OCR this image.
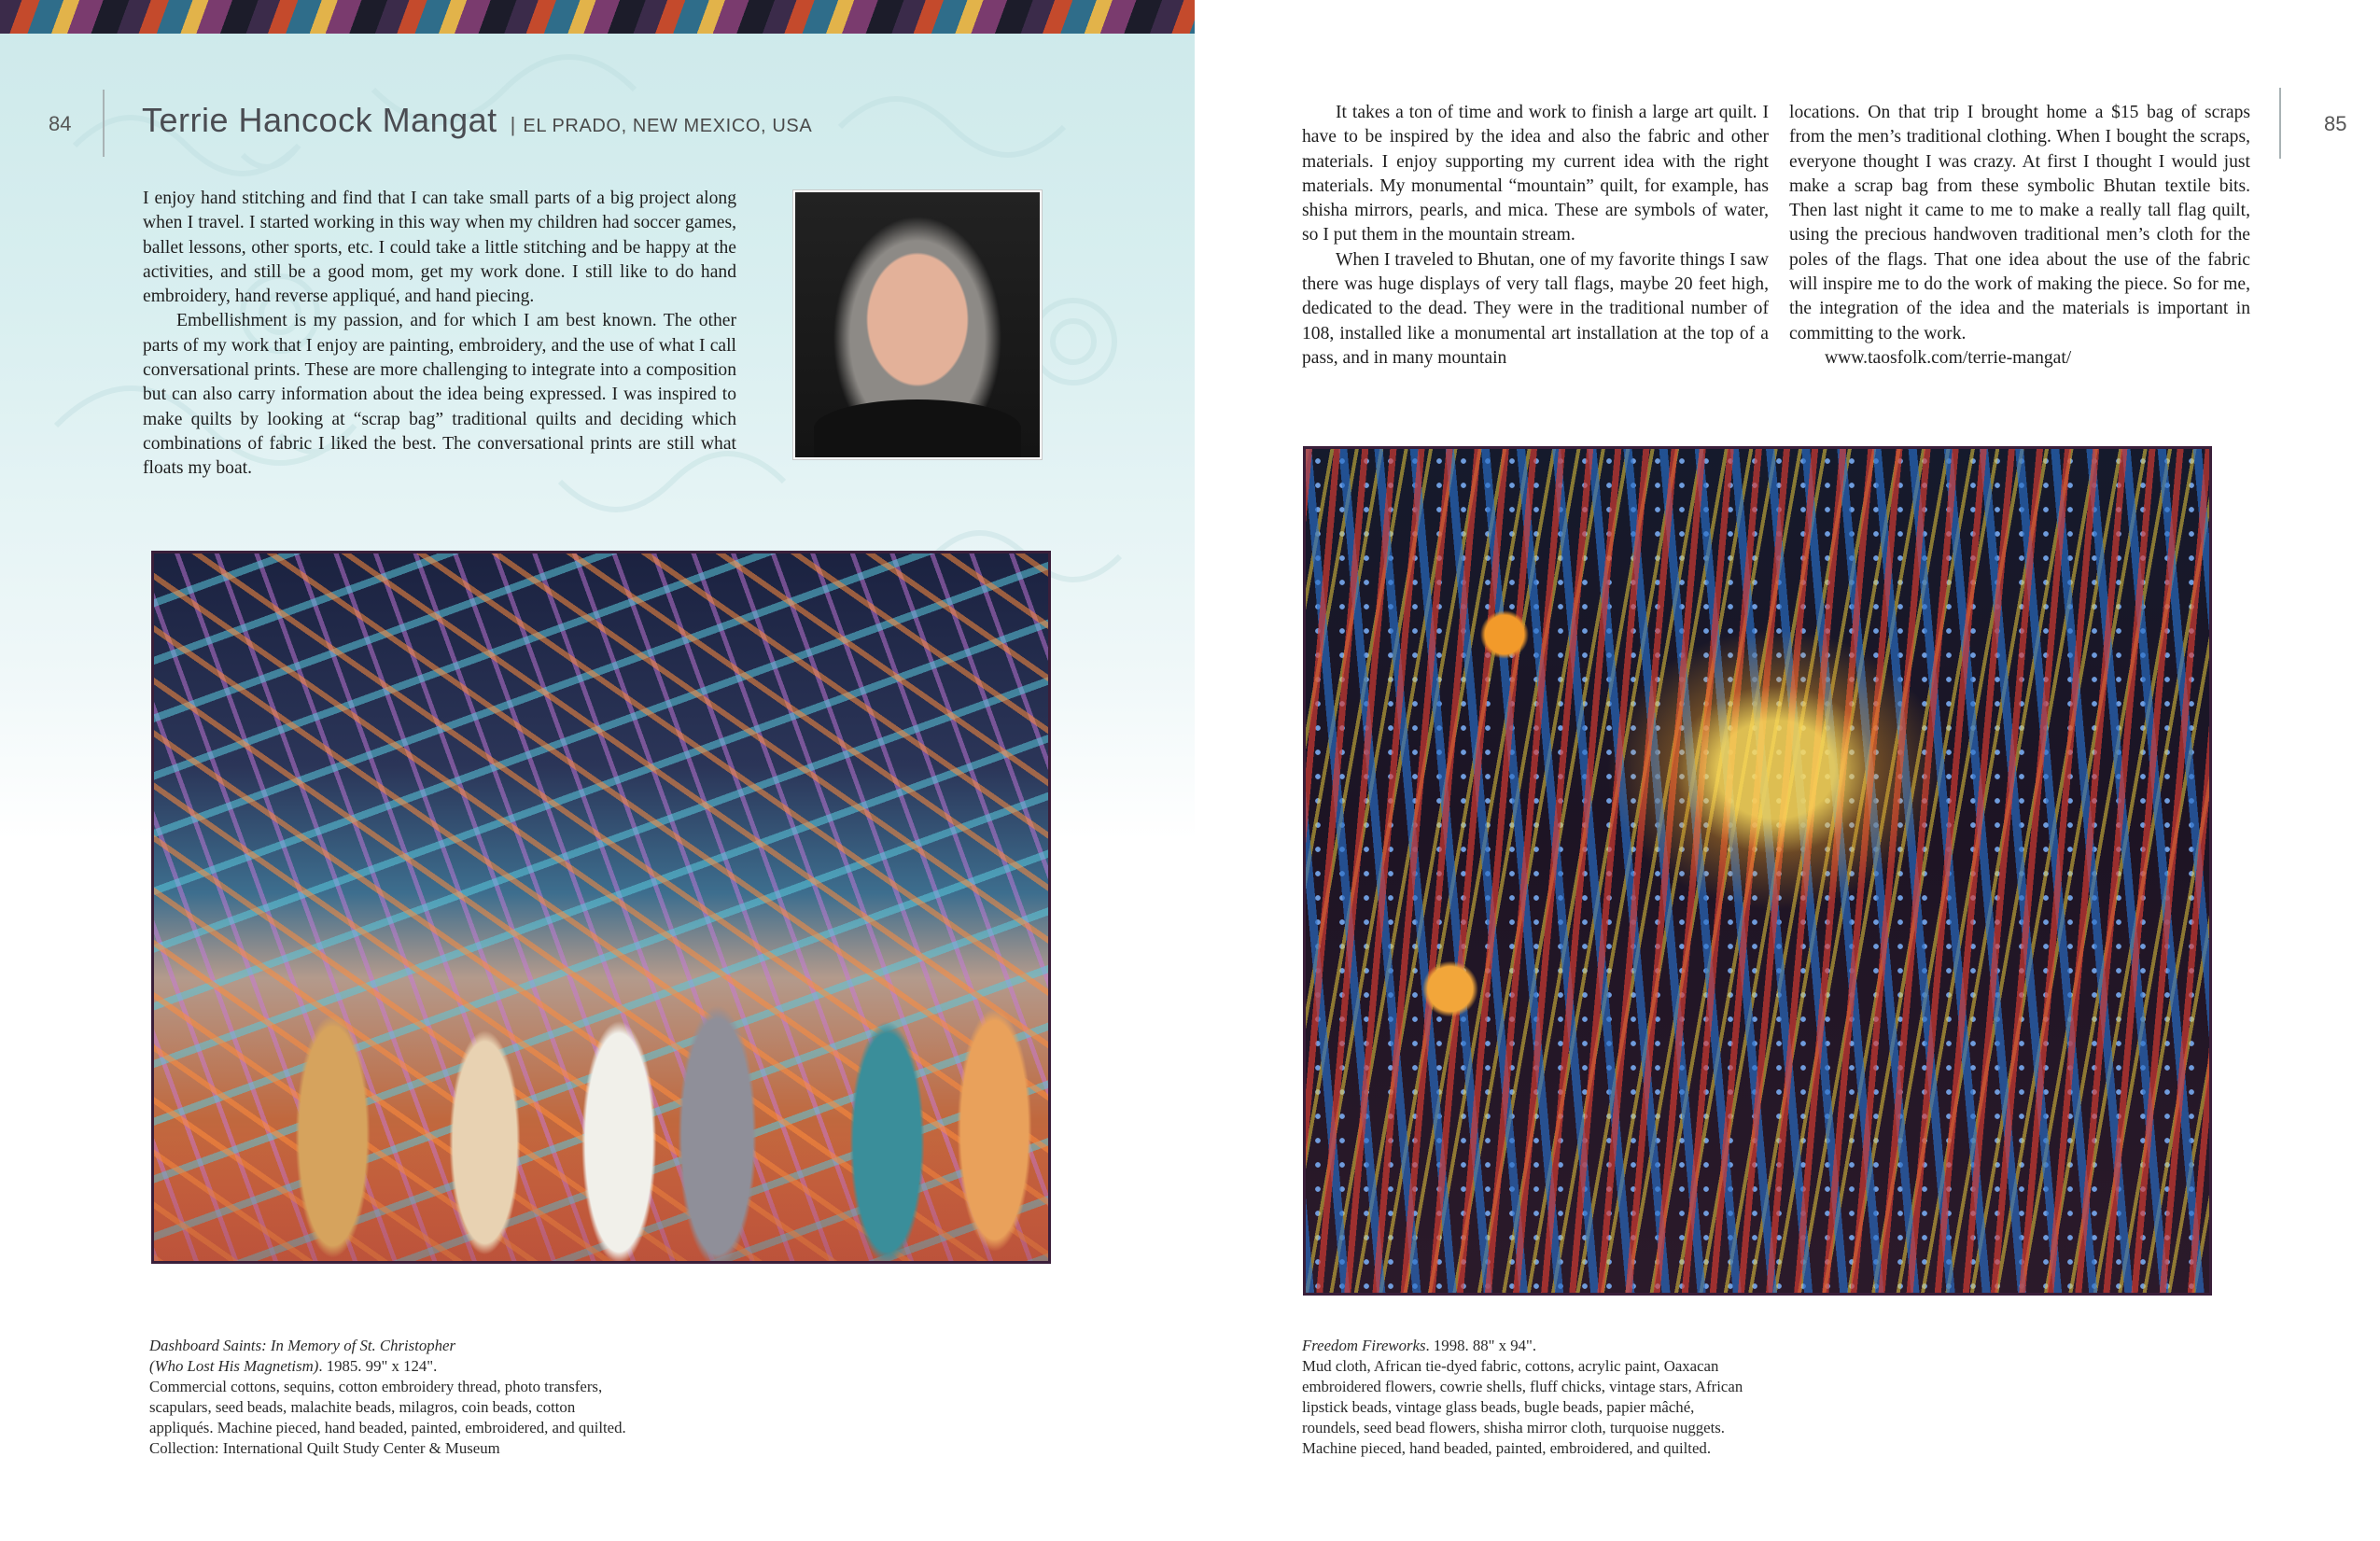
84 Terrie Hancock Mangat | EL PRADO, NEW MEXICO, USA

I enjoy hand stitching and find that I can take small parts of a big project along when I travel. I started working in this way when my children had soccer games, ballet lessons, other sports, etc. I could take a little stitching and be happy at the activities, and still be a good mom, get my work done. I still like to do hand embroidery, hand reverse appliqué, and hand piecing.

Embellishment is my passion, and for which I am best known. The other parts of my work that I enjoy are painting, embroidery, and the use of what I call conversational prints. These are more challenging to integrate into a composition but can also carry information about the idea being expressed. I was inspired to make quilts by looking at “scrap bag” traditional quilts and deciding which combinations of fabric I liked the best. The conversational prints are still what floats my boat.

Dashboard Saints: In Memory of St. Christopher
(Who Lost His Magnetism). 1985. 99" x 124".
Commercial cottons, sequins, cotton embroidery thread, photo transfers,
scapulars, seed beads, malachite beads, milagros, coin beads, cotton
appliqués. Machine pieced, hand beaded, painted, embroidered, and quilted.
Collection: International Quilt Study Center & Museum
85

It takes a ton of time and work to finish a large art quilt. I have to be inspired by the idea and also the fabric and other materials. I enjoy supporting my current idea with the right materials. My monumental “mountain” quilt, for example, has shisha mirrors, pearls, and mica. These are symbols of water, so I put them in the mountain stream.

When I traveled to Bhutan, one of my favorite things I saw there was huge displays of very tall flags, maybe 20 feet high, dedicated to the dead. They were in the traditional number of 108, installed like a monumental art installation at the top of a pass, and in many mountain

locations. On that trip I brought home a $15 bag of scraps from the men’s traditional clothing. When I bought the scraps, everyone thought I was crazy. At first I thought I would just make a scrap bag from these symbolic Bhutan textile bits. Then last night it came to me to make a really tall flag quilt, using the precious handwoven traditional men’s cloth for the poles of the flags. That one idea about the use of the fabric will inspire me to do the work of making the piece. So for me, the integration of the idea and the materials is important in committing to the work.

www.taosfolk.com/terrie-mangat/

Freedom Fireworks. 1998. 88" x 94".
Mud cloth, African tie-dyed fabric, cottons, acrylic paint, Oaxacan
embroidered flowers, cowrie shells, fluff chicks, vintage stars, African
lipstick beads, vintage glass beads, bugle beads, papier mâché,
roundels, seed bead flowers, shisha mirror cloth, turquoise nuggets.
Machine pieced, hand beaded, painted, embroidered, and quilted.
